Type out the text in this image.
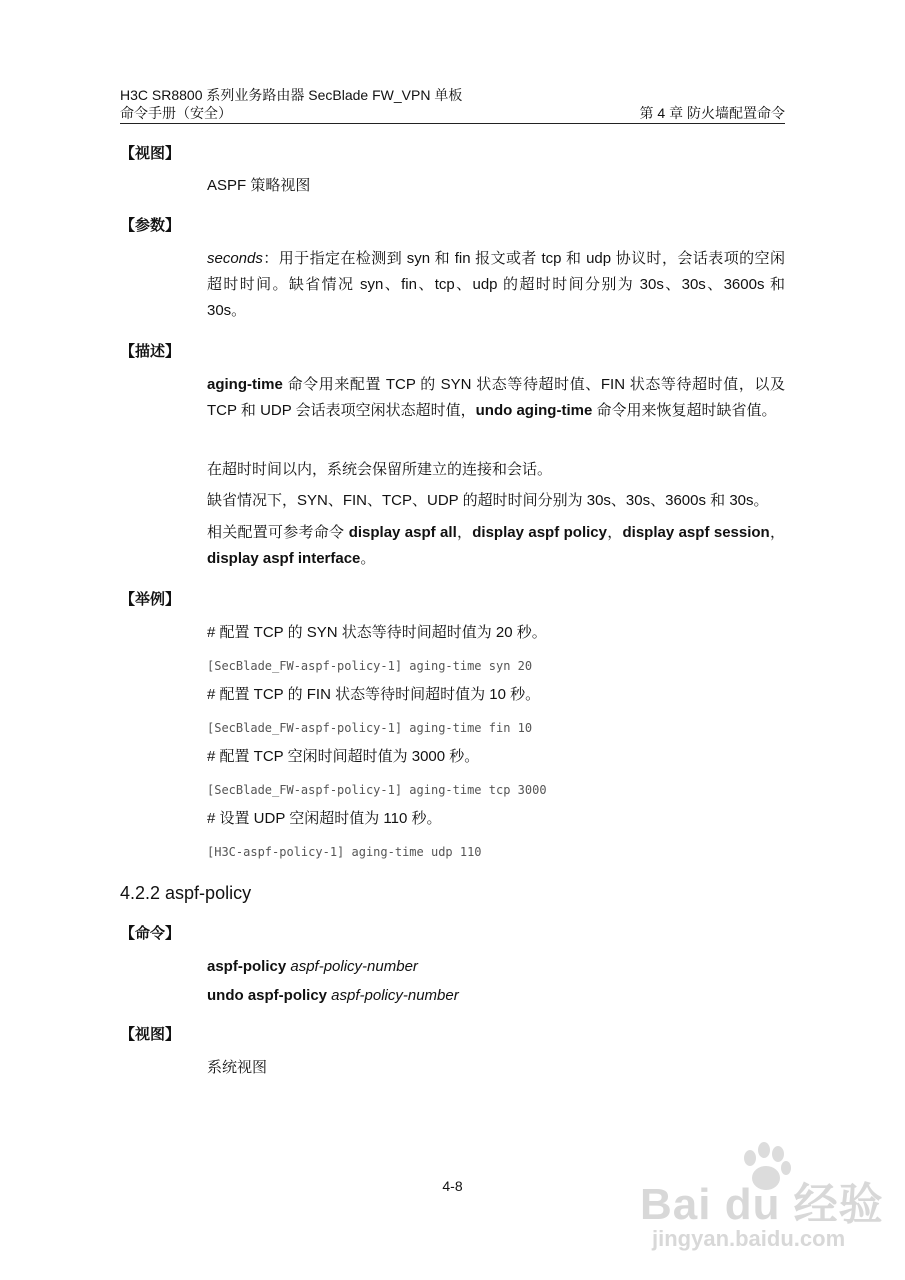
H3C SR8800 系列业务路由器 SecBlade FW_VPN 单板
命令手册（安全）	第 4 章 防火墙配置命令
【视图】
ASPF 策略视图
【参数】
seconds：用于指定在检测到 syn 和 fin 报文或者 tcp 和 udp 协议时，会话表项的空闲超时时间。缺省情况 syn、fin、tcp、udp 的超时时间分别为 30s、30s、3600s 和 30s。
【描述】
aging-time 命令用来配置 TCP 的 SYN 状态等待超时值、FIN 状态等待超时值，以及 TCP 和 UDP 会话表项空闲状态超时值，undo aging-time 命令用来恢复超时缺省值。
在超时时间以内，系统会保留所建立的连接和会话。
缺省情况下，SYN、FIN、TCP、UDP 的超时时间分别为 30s、30s、3600s 和 30s。
相关配置可参考命令 display aspf all，display aspf policy，display aspf session，display aspf interface。
【举例】
# 配置 TCP 的 SYN 状态等待时间超时值为 20 秒。
[SecBlade_FW-aspf-policy-1] aging-time syn 20
# 配置 TCP 的 FIN 状态等待时间超时值为 10 秒。
[SecBlade_FW-aspf-policy-1] aging-time fin 10
# 配置 TCP 空闲时间超时值为 3000 秒。
[SecBlade_FW-aspf-policy-1] aging-time tcp 3000
# 设置 UDP 空闲超时值为 110 秒。
[H3C-aspf-policy-1] aging-time udp 110
4.2.2 aspf-policy
【命令】
aspf-policy aspf-policy-number
undo aspf-policy aspf-policy-number
【视图】
系统视图
4-8	Bai du 经验
jingyan.baidu.com
